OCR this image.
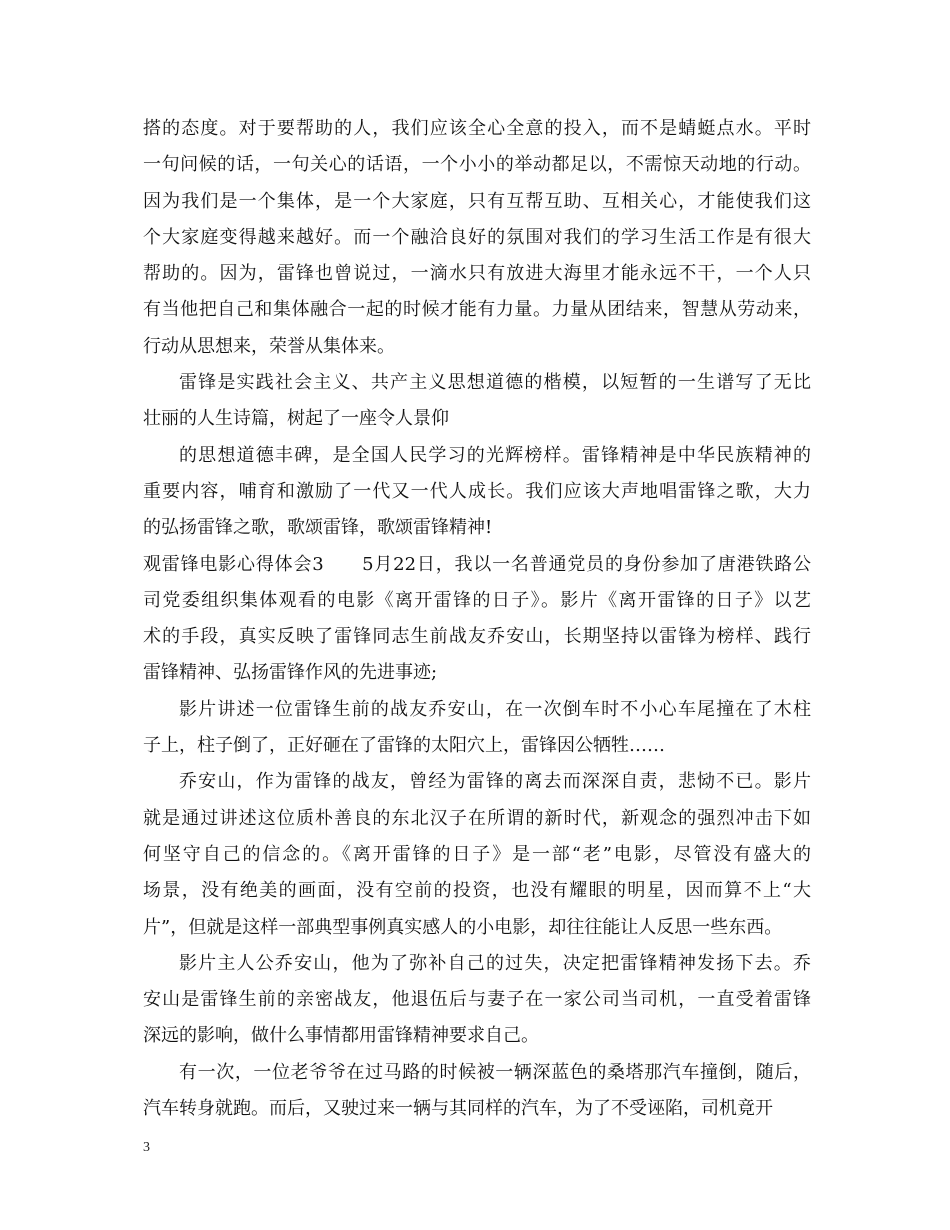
搭的态度。对于要帮助的人，我们应该全心全意的投入，而不是蜻蜓点水。平时
一句问候的话，一句关心的话语，一个小小的举动都足以，不需惊天动地的行动。
因为我们是一个集体，是一个大家庭，只有互帮互助、互相关心，才能使我们这
个大家庭变得越来越好。而一个融洽良好的氛围对我们的学习生活工作是有很大
帮助的。因为，雷锋也曾说过，一滴水只有放进大海里才能永远不干，一个人只
有当他把自己和集体融合一起的时候才能有力量。力量从团结来，智慧从劳动来，
行动从思想来，荣誉从集体来。

雷锋是实践社会主义、共产主义思想道德的楷模，以短暂的一生谱写了无比
壮丽的人生诗篇，树起了一座令人景仰

的思想道德丰碑，是全国人民学习的光辉榜样。雷锋精神是中华民族精神的
重要内容，哺育和激励了一代又一代人成长。我们应该大声地唱雷锋之歌，大力
的弘扬雷锋之歌，歌颂雷锋，歌颂雷锋精神!

观雷锋电影心得体会3　　5月22日，我以一名普通党员的身份参加了唐港铁路公
司党委组织集体观看的电影《离开雷锋的日子》。影片《离开雷锋的日子》以艺
术的手段，真实反映了雷锋同志生前战友乔安山，长期坚持以雷锋为榜样、践行
雷锋精神、弘扬雷锋作风的先进事迹;

影片讲述一位雷锋生前的战友乔安山，在一次倒车时不小心车尾撞在了木柱
子上，柱子倒了，正好砸在了雷锋的太阳穴上，雷锋因公牺牲……

乔安山，作为雷锋的战友，曾经为雷锋的离去而深深自责，悲恸不已。影片
就是通过讲述这位质朴善良的东北汉子在所谓的新时代，新观念的强烈冲击下如
何坚守自己的信念的。《离开雷锋的日子》是一部“老”电影，尽管没有盛大的
场景，没有绝美的画面，没有空前的投资，也没有耀眼的明星，因而算不上“大
片”，但就是这样一部典型事例真实感人的小电影，却往往能让人反思一些东西。

影片主人公乔安山，他为了弥补自己的过失，决定把雷锋精神发扬下去。乔
安山是雷锋生前的亲密战友，他退伍后与妻子在一家公司当司机，一直受着雷锋
深远的影响，做什么事情都用雷锋精神要求自己。

有一次，一位老爷爷在过马路的时候被一辆深蓝色的桑塔那汽车撞倒，随后，
汽车转身就跑。而后，又驶过来一辆与其同样的汽车，为了不受诬陷，司机竟开

3
